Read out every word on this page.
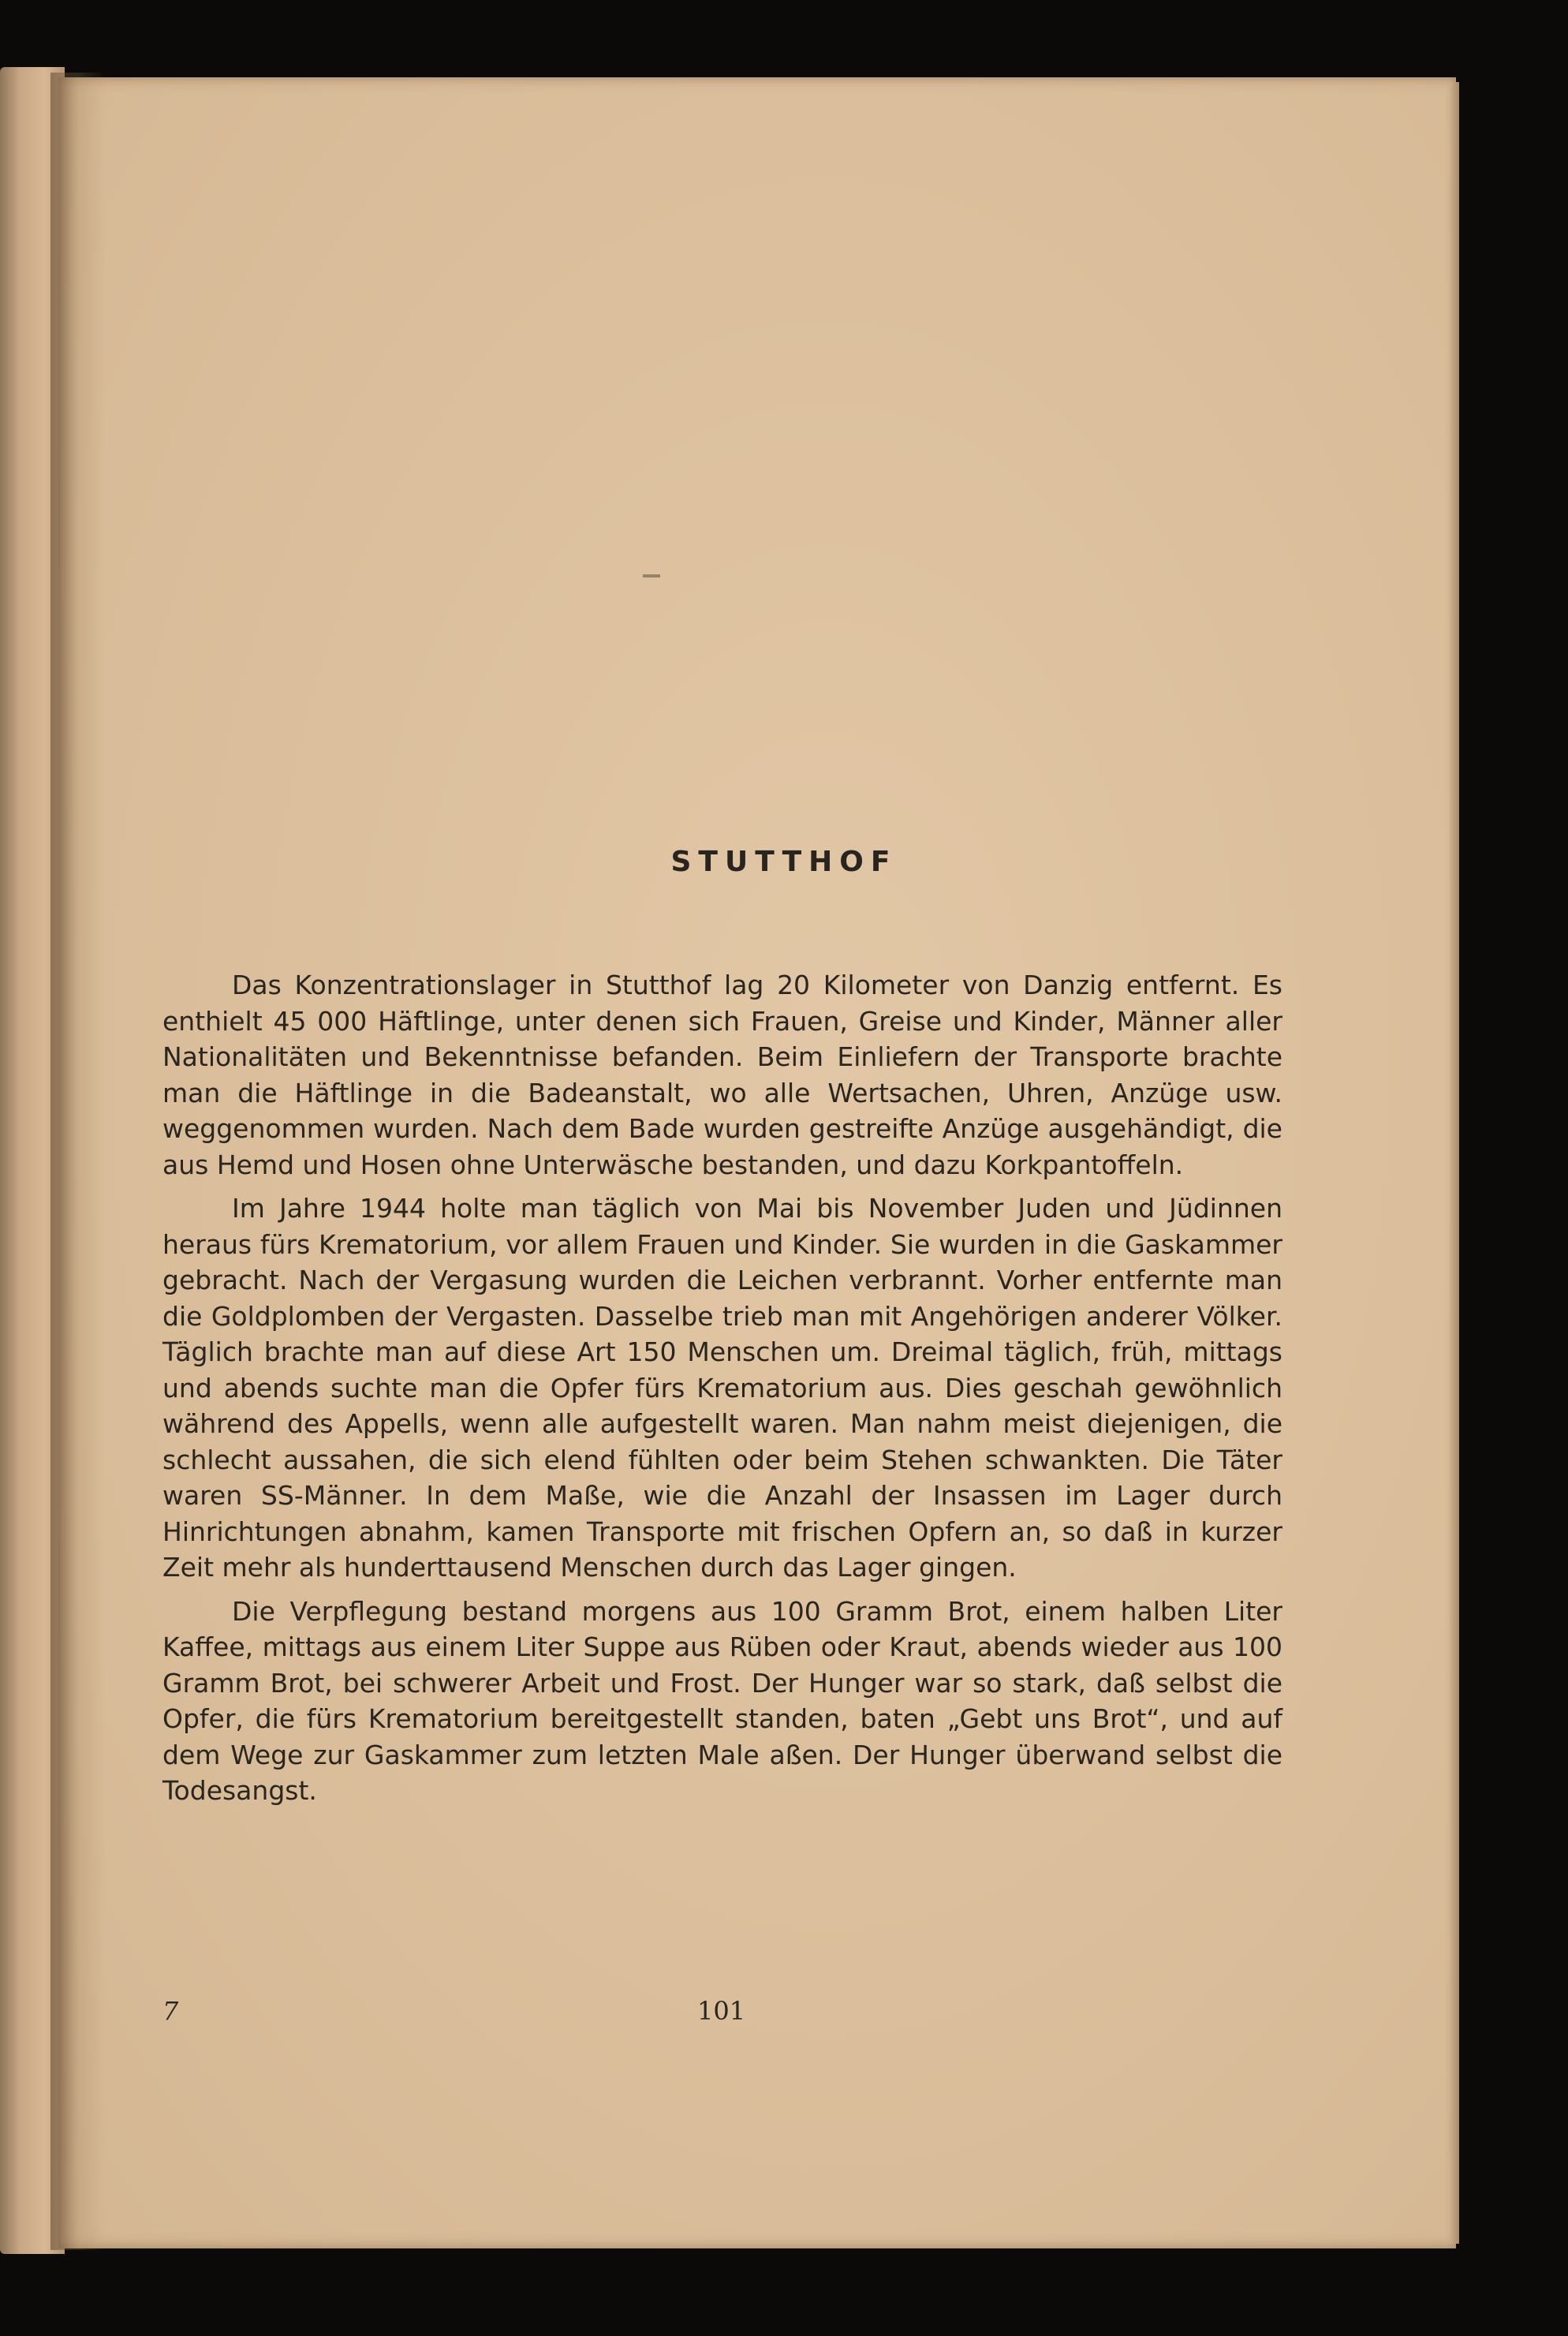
STUTTHOF

Das Konzentrationslager in Stutthof lag 20 Kilometer von Danzig entfernt. Es enthielt 45 000 Häftlinge, unter denen sich Frauen, Greise und Kinder, Männer aller Nationalitäten und Bekenntnisse befanden. Beim Einliefern der Transporte brachte man die Häftlinge in die Badeanstalt, wo alle Wertsachen, Uhren, Anzüge usw. weggenommen wurden. Nach dem Bade wurden gestreifte Anzüge ausgehändigt, die aus Hemd und Hosen ohne Unterwäsche bestanden, und dazu Korkpantoffeln.

Im Jahre 1944 holte man täglich von Mai bis November Juden und Jüdinnen heraus fürs Krematorium, vor allem Frauen und Kinder. Sie wurden in die Gaskammer gebracht. Nach der Vergasung wurden die Leichen verbrannt. Vorher entfernte man die Goldplomben der Vergasten. Dasselbe trieb man mit Angehörigen anderer Völker. Täglich brachte man auf diese Art 150 Menschen um. Dreimal täglich, früh, mittags und abends suchte man die Opfer fürs Krematorium aus. Dies geschah gewöhnlich während des Appells, wenn alle aufgestellt waren. Man nahm meist diejenigen, die schlecht aussahen, die sich elend fühlten oder beim Stehen schwankten. Die Täter waren SS-Männer. In dem Maße, wie die Anzahl der Insassen im Lager durch Hinrichtungen abnahm, kamen Transporte mit frischen Opfern an, so daß in kurzer Zeit mehr als hunderttausend Menschen durch das Lager gingen.

Die Verpflegung bestand morgens aus 100 Gramm Brot, einem halben Liter Kaffee, mittags aus einem Liter Suppe aus Rüben oder Kraut, abends wieder aus 100 Gramm Brot, bei schwerer Arbeit und Frost. Der Hunger war so stark, daß selbst die Opfer, die fürs Krematorium bereitgestellt standen, baten „Gebt uns Brot“, und auf dem Wege zur Gaskammer zum letzten Male aßen. Der Hunger überwand selbst die Todesangst.

7	101
